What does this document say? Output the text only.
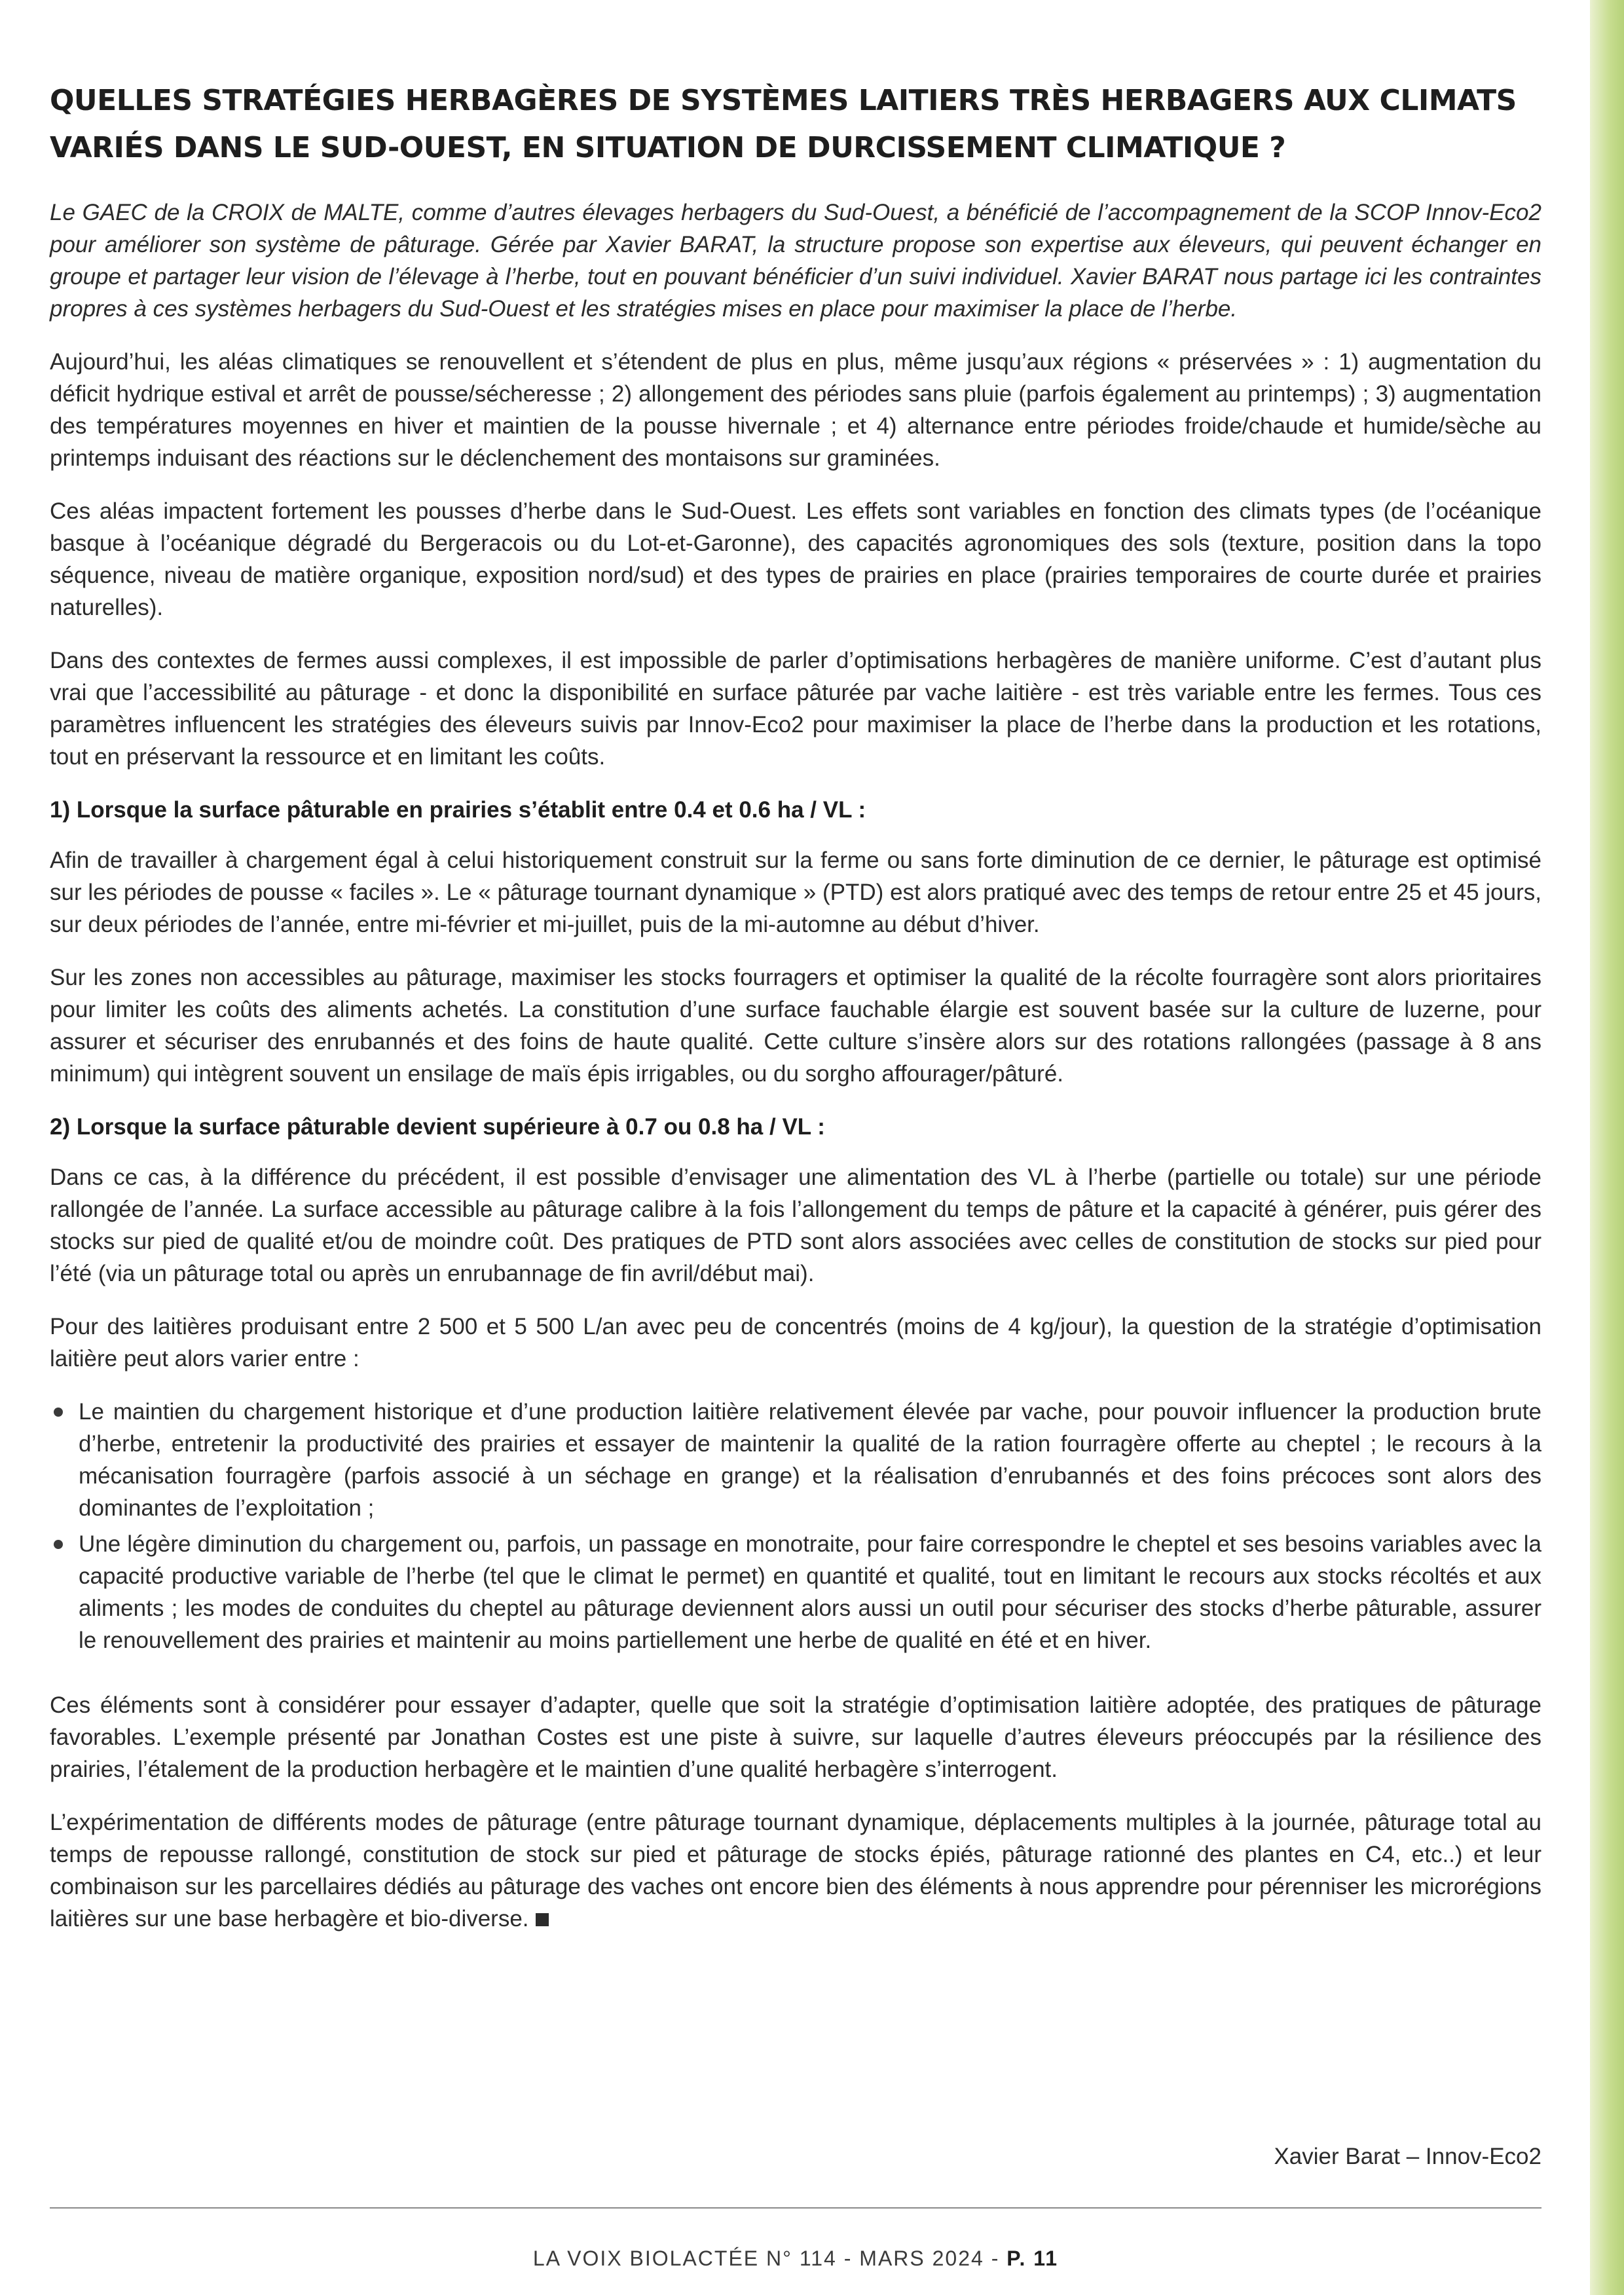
QUELLES STRATÉGIES HERBAGÈRES DE SYSTÈMES LAITIERS TRÈS HERBAGERS AUX CLIMATS VARIÉS DANS LE SUD-OUEST, EN SITUATION DE DURCISSEMENT CLIMATIQUE ?

Le GAEC de la CROIX de MALTE, comme d’autres élevages herbagers du Sud-Ouest, a bénéficié de l’accompagnement de la SCOP Innov-Eco2 pour améliorer son système de pâturage. Gérée par Xavier BARAT, la structure propose son expertise aux éleveurs, qui peuvent échanger en groupe et partager leur vision de l’élevage à l’herbe, tout en pouvant bénéficier d’un suivi individuel. Xavier BARAT nous partage ici les contraintes propres à ces systèmes herbagers du Sud-Ouest et les stratégies mises en place pour maximiser la place de l’herbe.

Aujourd’hui, les aléas climatiques se renouvellent et s’étendent de plus en plus, même jusqu’aux régions « préservées » : 1) augmentation du déficit hydrique estival et arrêt de pousse/sécheresse ; 2) allongement des périodes sans pluie (parfois également au printemps) ; 3) augmentation des températures moyennes en hiver et maintien de la pousse hivernale ; et 4) alternance entre périodes froide/chaude et humide/sèche au printemps induisant des réactions sur le déclenchement des montaisons sur graminées.

Ces aléas impactent fortement les pousses d’herbe dans le Sud-Ouest. Les effets sont variables en fonction des climats types (de l’océanique basque à l’océanique dégradé du Bergeracois ou du Lot-et-Garonne), des capacités agronomiques des sols (texture, position dans la topo séquence, niveau de matière organique, exposition nord/sud) et des types de prairies en place (prairies temporaires de courte durée et prairies naturelles).

Dans des contextes de fermes aussi complexes, il est impossible de parler d’optimisations herbagères de manière uniforme. C’est d’autant plus vrai que l’accessibilité au pâturage - et donc la disponibilité en surface pâturée par vache laitière - est très variable entre les fermes. Tous ces paramètres influencent les stratégies des éleveurs suivis par Innov-Eco2 pour maximiser la place de l’herbe dans la production et les rotations, tout en préservant la ressource et en limitant les coûts.

1) Lorsque la surface pâturable en prairies s’établit entre 0.4 et 0.6 ha / VL :

Afin de travailler à chargement égal à celui historiquement construit sur la ferme ou sans forte diminution de ce dernier, le pâturage est optimisé sur les périodes de pousse « faciles ». Le « pâturage tournant dynamique » (PTD) est alors pratiqué avec des temps de retour entre 25 et 45 jours, sur deux périodes de l’année, entre mi-février et mi-juillet, puis de la mi-automne au début d’hiver.

Sur les zones non accessibles au pâturage, maximiser les stocks fourragers et optimiser la qualité de la récolte fourragère sont alors prioritaires pour limiter les coûts des aliments achetés. La constitution d’une surface fauchable élargie est souvent basée sur la culture de luzerne, pour assurer et sécuriser des enrubannés et des foins de haute qualité. Cette culture s’insère alors sur des rotations rallongées (passage à 8 ans minimum) qui intègrent souvent un ensilage de maïs épis irrigables, ou du sorgho affourager/pâturé.

2) Lorsque la surface pâturable devient supérieure à 0.7 ou 0.8 ha / VL :

Dans ce cas, à la différence du précédent, il est possible d’envisager une alimentation des VL à l’herbe (partielle ou totale) sur une période rallongée de l’année. La surface accessible au pâturage calibre à la fois l’allongement du temps de pâture et la capacité à générer, puis gérer des stocks sur pied de qualité et/ou de moindre coût. Des pratiques de PTD sont alors associées avec celles de constitution de stocks sur pied pour l’été (via un pâturage total ou après un enrubannage de fin avril/début mai).

Pour des laitières produisant entre 2 500 et 5 500 L/an avec peu de concentrés (moins de 4 kg/jour), la question de la stratégie d’optimisation laitière peut alors varier entre :

Le maintien du chargement historique et d’une production laitière relativement élevée par vache, pour pouvoir influencer la production brute d’herbe, entretenir la productivité des prairies et essayer de maintenir la qualité de la ration fourragère offerte au cheptel ; le recours à la mécanisation fourragère (parfois associé à un séchage en grange) et la réalisation d’enrubannés et des foins précoces sont alors des dominantes de l’exploitation ;
Une légère diminution du chargement ou, parfois, un passage en monotraite, pour faire correspondre le cheptel et ses besoins variables avec la capacité productive variable de l’herbe (tel que le climat le permet) en quantité et qualité, tout en limitant le recours aux stocks récoltés et aux aliments ; les modes de conduites du cheptel au pâturage deviennent alors aussi un outil pour sécuriser des stocks d’herbe pâturable, assurer le renouvellement des prairies et maintenir au moins partiellement une herbe de qualité en été et en hiver.

Ces éléments sont à considérer pour essayer d’adapter, quelle que soit la stratégie d’optimisation laitière adoptée, des pratiques de pâturage favorables. L’exemple présenté par Jonathan Costes est une piste à suivre, sur laquelle d’autres éleveurs préoccupés par la résilience des prairies, l’étalement de la production herbagère et le maintien d’une qualité herbagère s’interrogent.

L’expérimentation de différents modes de pâturage (entre pâturage tournant dynamique, déplacements multiples à la journée, pâturage total au temps de repousse rallongé, constitution de stock sur pied et pâturage de stocks épiés, pâturage rationné des plantes en C4, etc..) et leur combinaison sur les parcellaires dédiés au pâturage des vaches ont encore bien des éléments à nous apprendre pour pérenniser les microrégions laitières sur une base herbagère et bio-diverse.

Xavier Barat – Innov-Eco2
LA VOIX BIOLACTÉE N° 114 - MARS 2024 - P. 11
